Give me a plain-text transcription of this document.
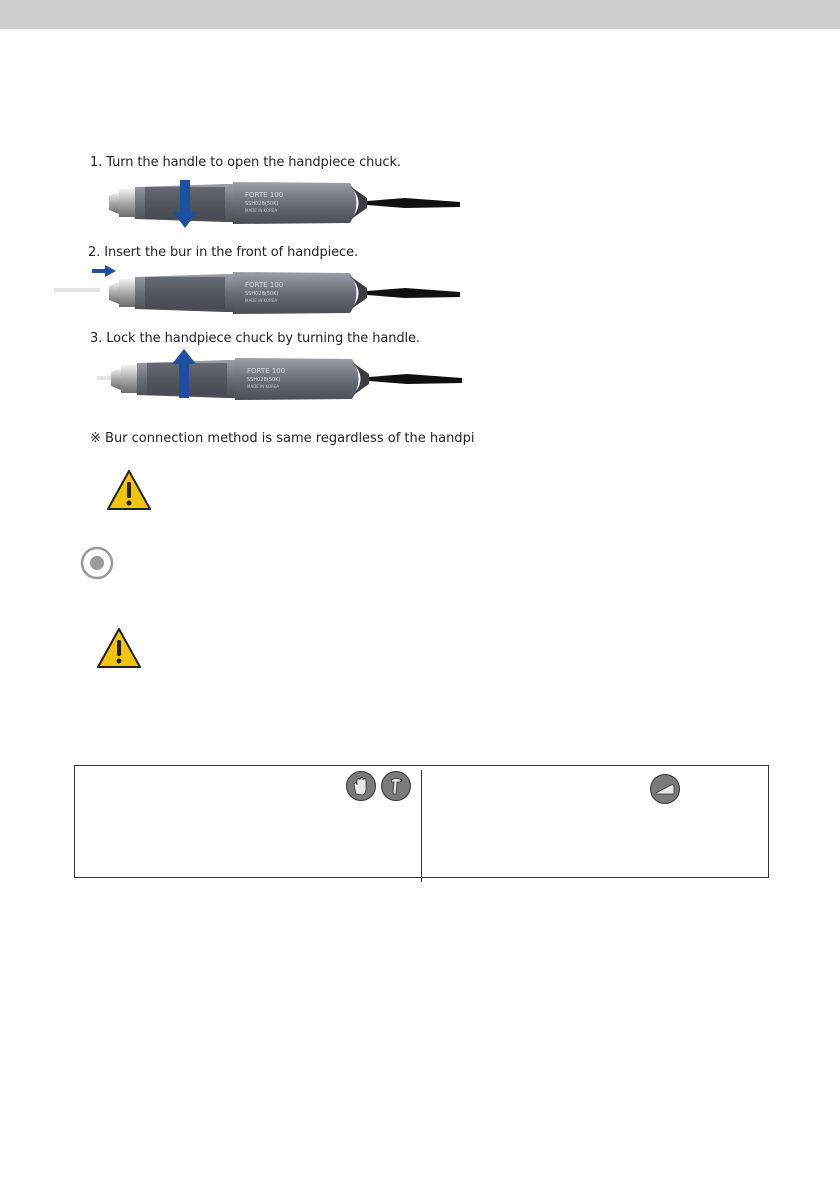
1. Turn the handle to open the handpiece chuck.
FORTE 100
SSH02B(50K)
MADE IN KOREA
2. Insert the bur in the front of handpiece.
FORTE 100
SSH02B(50K)
MADE IN KOREA
3. Lock the handpiece chuck by turning the handle.
FORTE 100
SSH02B(50K)
MADE IN KOREA
※ Bur connection method is same regardless of the handpi
